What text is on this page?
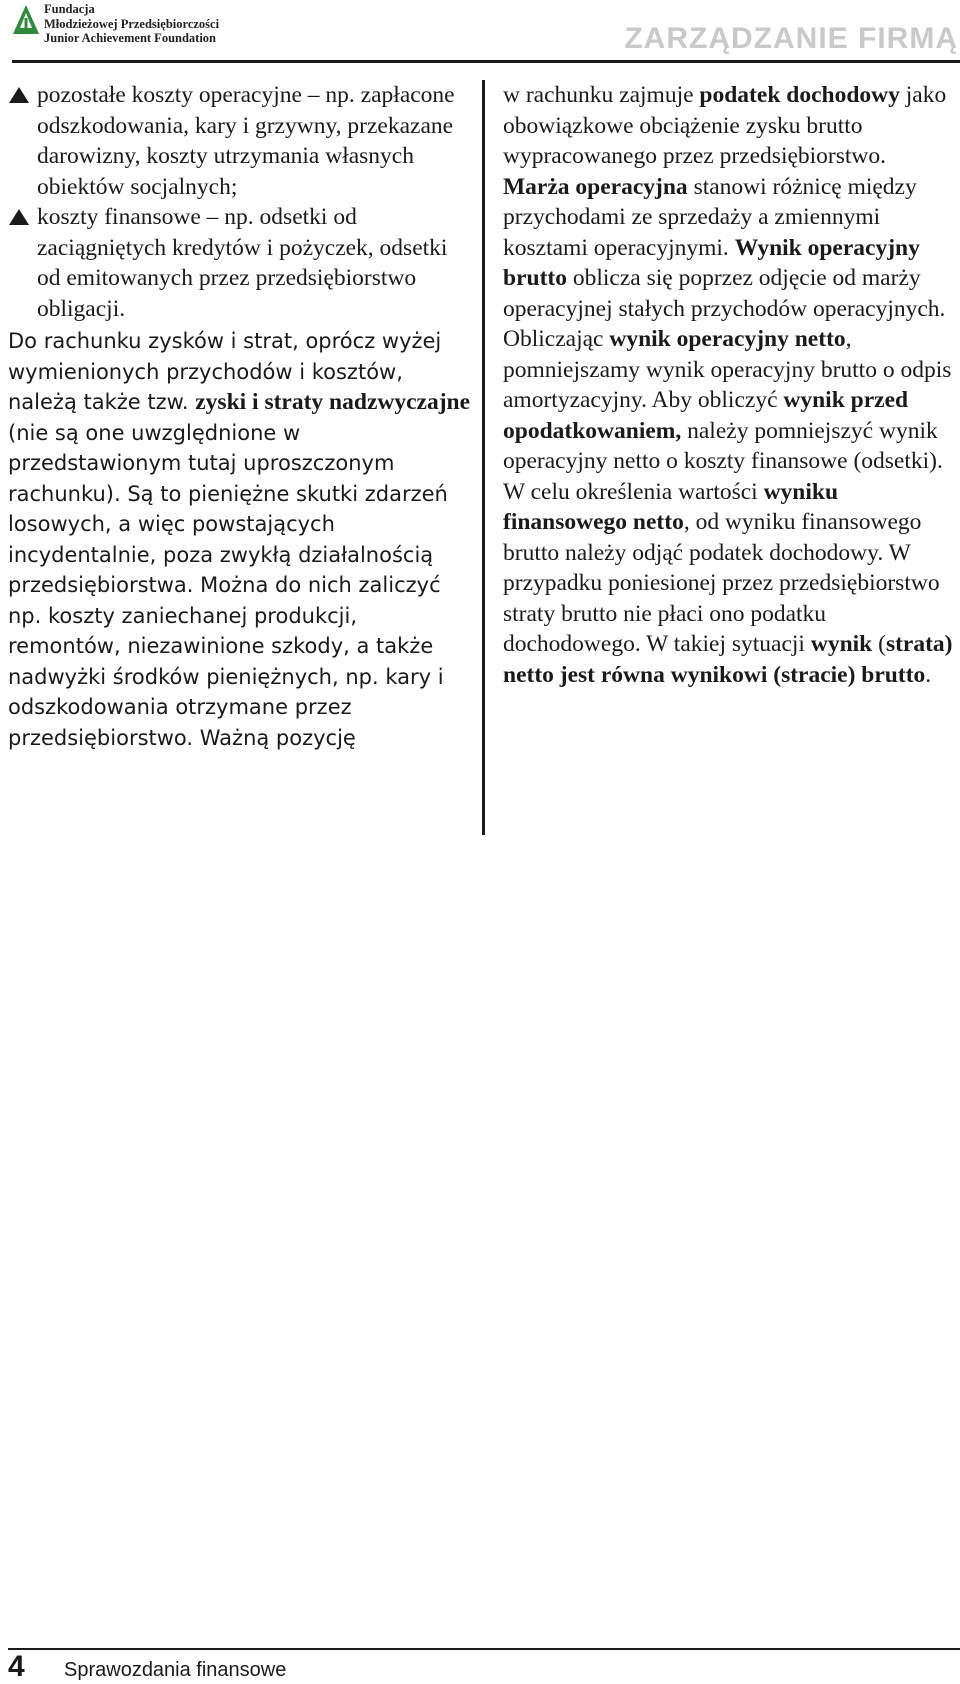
Fundacja
Młodzieżowej Przedsiębiorczości
Junior Achievement Foundation	ZARZĄDZANIE FIRMĄ

pozostałe koszty operacyjne – np. zapłacone odszkodowania, kary i grzywny, przekazane darowizny, koszty utrzymania własnych obiektów socjalnych;

koszty finansowe – np. odsetki od zaciągniętych kredytów i pożyczek, odsetki od emitowanych przez przedsiębiorstwo obligacji.

Do rachunku zysków i strat, oprócz wyżej wymienionych przychodów i kosztów, należą także tzw. zyski i straty nadzwyczajne (nie są one uwzględnione w przedstawionym tutaj uproszczonym rachunku). Są to pieniężne skutki zdarzeń losowych, a więc powstających incydentalnie, poza zwykłą działalnością przedsiębiorstwa. Można do nich zaliczyć np. koszty zaniechanej produkcji, remontów, niezawinione szkody, a także nadwyżki środków pieniężnych, np. kary i odszkodowania otrzymane przez przedsiębiorstwo. Ważną pozycję

w rachunku zajmuje podatek dochodowy jako obowiązkowe obciążenie zysku brutto wypracowanego przez przedsiębiorstwo. Marża operacyjna stanowi różnicę między przychodami ze sprzedaży a zmiennymi kosztami operacyjnymi. Wynik operacyjny brutto oblicza się poprzez odjęcie od marży operacyjnej stałych przychodów operacyjnych. Obliczając wynik operacyjny netto, pomniejszamy wynik operacyjny brutto o odpis amortyzacyjny. Aby obliczyć wynik przed opodatkowaniem, należy pomniejszyć wynik operacyjny netto o koszty finansowe (odsetki). W celu określenia wartości wyniku finansowego netto, od wyniku finansowego brutto należy odjąć podatek dochodowy. W przypadku poniesionej przez przedsiębiorstwo straty brutto nie płaci ono podatku dochodowego. W takiej sytuacji wynik (strata) netto jest równa wynikowi (stracie) brutto.

4 Sprawozdania finansowe
